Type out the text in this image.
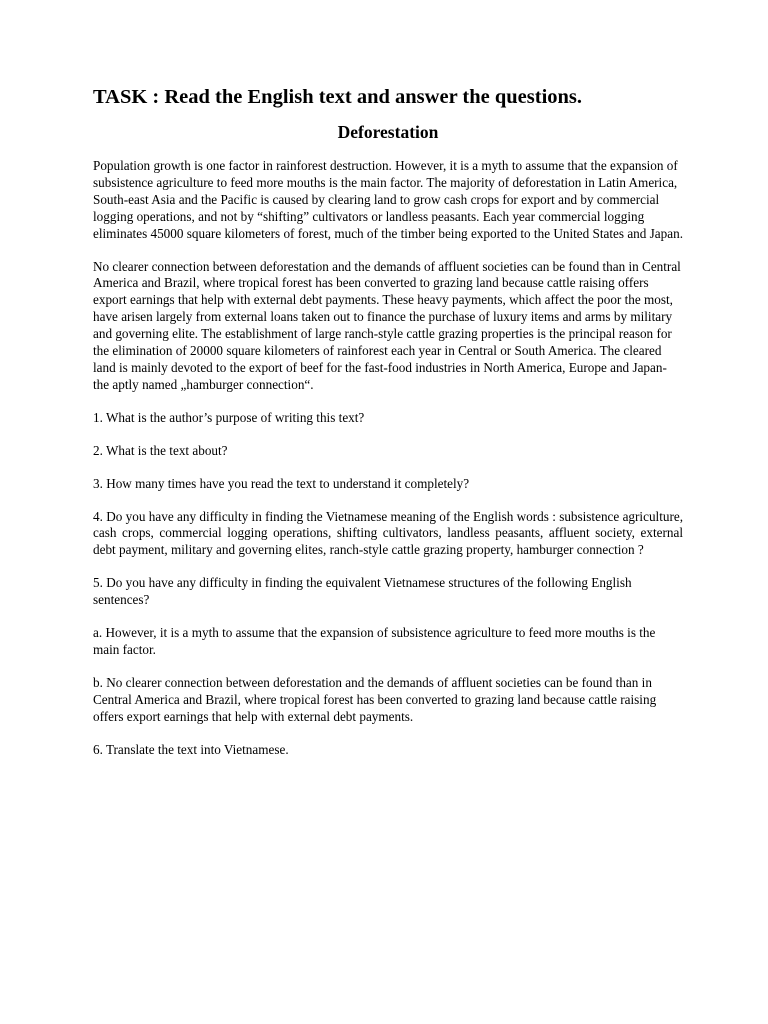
TASK : Read the English text and answer the questions.
Deforestation

Population growth is one factor in rainforest destruction. However, it is a myth to assume that the expansion of subsistence agriculture to feed more mouths is the main factor. The majority of deforestation in Latin America, South-east Asia and the Pacific is caused by clearing land to grow cash crops for export and by commercial logging operations, and not by “shifting” cultivators or landless peasants. Each year commercial logging eliminates 45000 square kilometers of forest, much of the timber being exported to the United States and Japan.

No clearer connection between deforestation and the demands of affluent societies can be found than in Central America and Brazil, where tropical forest has been converted to grazing land because cattle raising offers export earnings that help with external debt payments. These heavy payments, which affect the poor the most, have arisen largely from external loans taken out to finance the purchase of luxury items and arms by military and governing elite. The establishment of large ranch-style cattle grazing properties is the principal reason for the elimination of 20000 square kilometers of rainforest each year in Central or South America. The cleared land is mainly devoted to the export of beef for the fast-food industries in North America, Europe and Japan- the aptly named „hamburger connection“.

1. What is the author’s purpose of writing this text?

2. What is the text about?

3. How many times have you read the text to understand it completely?

4. Do you have any difficulty in finding the Vietnamese meaning of the English words : subsistence agriculture, cash crops, commercial logging operations, shifting cultivators, landless peasants, affluent society, external debt payment, military and governing elites, ranch-style cattle grazing property, hamburger connection ?

5. Do you have any difficulty in finding the equivalent Vietnamese structures of the following English sentences?

a. However, it is a myth to assume that the expansion of subsistence agriculture to feed more mouths is the main factor.

b. No clearer connection between deforestation and the demands of affluent societies can be found than in Central America and Brazil, where tropical forest has been converted to grazing land because cattle raising offers export earnings that help with external debt payments.

6. Translate the text into Vietnamese.
